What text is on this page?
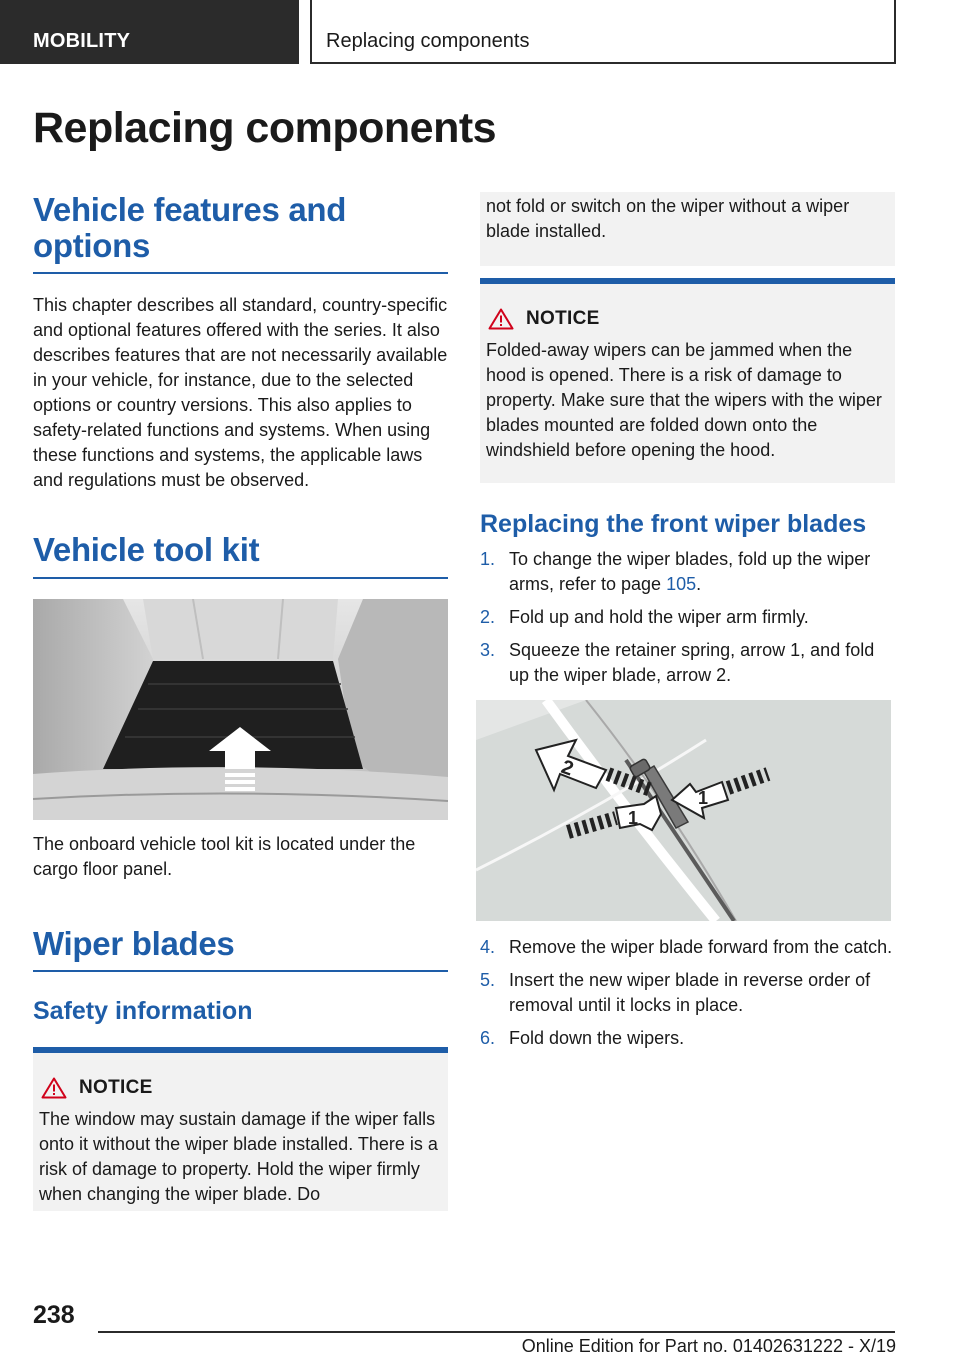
MOBILITY	Replacing components
Replacing components
Vehicle features and options

This chapter describes all standard, country-specific and optional features offered with the series. It also describes features that are not necessarily available in your vehicle, for instance, due to the selected options or country versions. This also applies to safety-related functions and systems. When using these functions and systems, the applicable laws and regulations must be observed.

Vehicle tool kit

The onboard vehicle tool kit is located under the cargo floor panel.

Wiper blades
Safety information
NOTICE
The window may sustain damage if the wiper falls onto it without the wiper blade installed. There is a risk of damage to property. Hold the wiper firmly when changing the wiper blade. Do
not fold or switch on the wiper without a wiper blade installed.
NOTICE
Folded-away wipers can be jammed when the hood is opened. There is a risk of damage to property. Make sure that the wipers with the wiper blades mounted are folded down onto the windshield before opening the hood.
Replacing the front wiper blades
1. To change the wiper blades, fold up the wiper arms, refer to page 105.
2. Fold up and hold the wiper arm firmly.
3. Squeeze the retainer spring, arrow 1, and fold up the wiper blade, arrow 2.
2
1
1
4. Remove the wiper blade forward from the catch.
5. Insert the new wiper blade in reverse order of removal until it locks in place.
6. Fold down the wipers.
238
Online Edition for Part no. 01402631222 - X/19
